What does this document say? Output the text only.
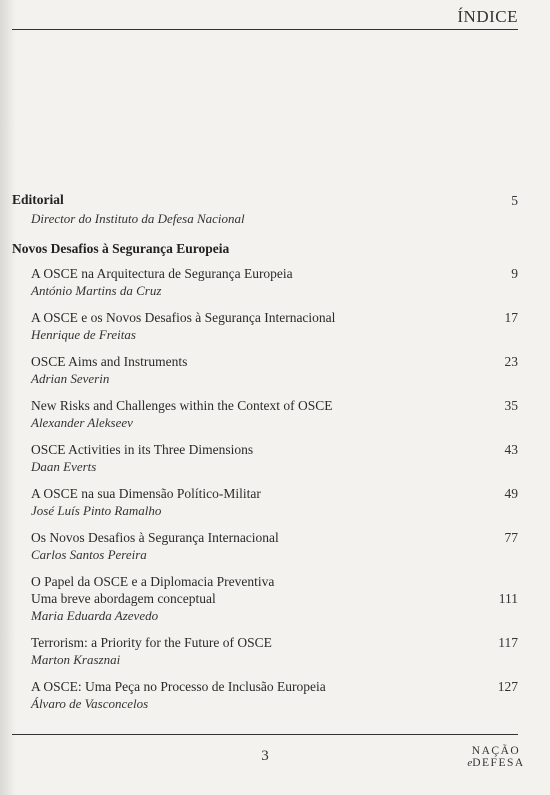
ÍNDICE
Editorial	5
Director do Instituto da Defesa Nacional
Novos Desafios à Segurança Europeia
A OSCE na Arquitectura de Segurança Europeia
António Martins da Cruz
9
A OSCE e os Novos Desafios à Segurança Internacional
Henrique de Freitas
17
OSCE Aims and Instruments
Adrian Severin
23
New Risks and Challenges within the Context of OSCE
Alexander Alekseev
35
OSCE Activities in its Three Dimensions
Daan Everts
43
A OSCE na sua Dimensão Político-Militar
José Luís Pinto Ramalho
49
Os Novos Desafios à Segurança Internacional
Carlos Santos Pereira
77
O Papel da OSCE e a Diplomacia Preventiva
Uma breve abordagem conceptual
Maria Eduarda Azevedo
111
Terrorism: a Priority for the Future of OSCE
Marton Krasznai
117
A OSCE: Uma Peça no Processo de Inclusão Europeia
Álvaro de Vasconcelos
127
3	NAÇÃO
eDEFESA
